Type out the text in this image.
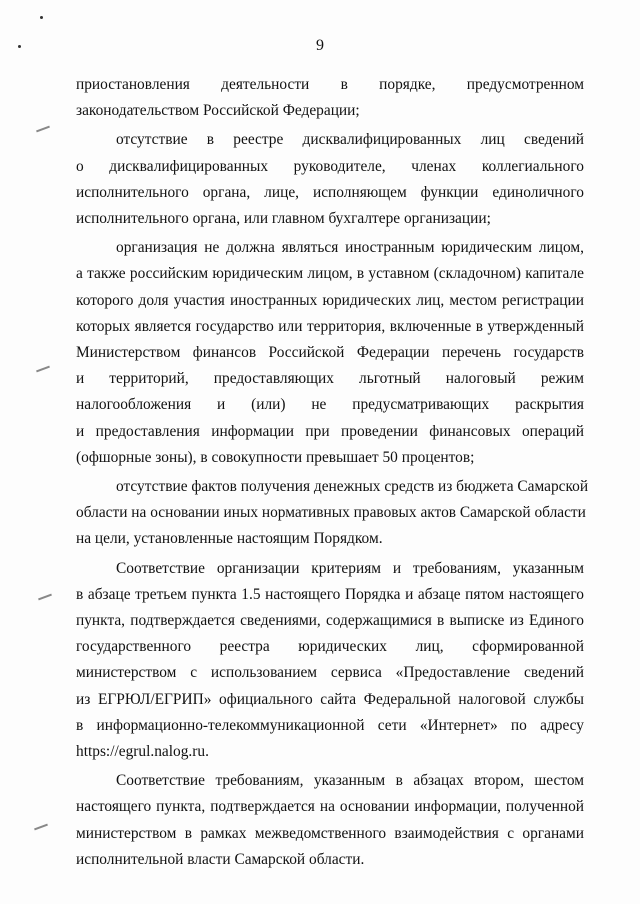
9
приостановления деятельности в порядке, предусмотренном
законодательством Российской Федерации;
отсутствие в реестре дисквалифицированных лиц сведений
о дисквалифицированных руководителе, членах коллегиального
исполнительного органа, лице, исполняющем функции единоличного
исполнительного органа, или главном бухгалтере организации;
организация не должна являться иностранным юридическим лицом,
а также российским юридическим лицом, в уставном (складочном) капитале
которого доля участия иностранных юридических лиц, местом регистрации
которых является государство или территория, включенные в утвержденный
Министерством финансов Российской Федерации перечень государств
и территорий, предоставляющих льготный налоговый режим
налогообложения и (или) не предусматривающих раскрытия
и предоставления информации при проведении финансовых операций
(офшорные зоны), в совокупности превышает 50 процентов;
отсутствие фактов получения денежных средств из бюджета Самарской
области на основании иных нормативных правовых актов Самарской области
на цели, установленные настоящим Порядком.
Соответствие организации критериям и требованиям, указанным
в абзаце третьем пункта 1.5 настоящего Порядка и абзаце пятом настоящего
пункта, подтверждается сведениями, содержащимися в выписке из Единого
государственного реестра юридических лиц, сформированной
министерством с использованием сервиса «Предоставление сведений
из ЕГРЮЛ/ЕГРИП» официального сайта Федеральной налоговой службы
в информационно-телекоммуникационной сети «Интернет» по адресу
https://egrul.nalog.ru.
Соответствие требованиям, указанным в абзацах втором, шестом
настоящего пункта, подтверждается на основании информации, полученной
министерством в рамках межведомственного взаимодействия с органами
исполнительной власти Самарской области.
